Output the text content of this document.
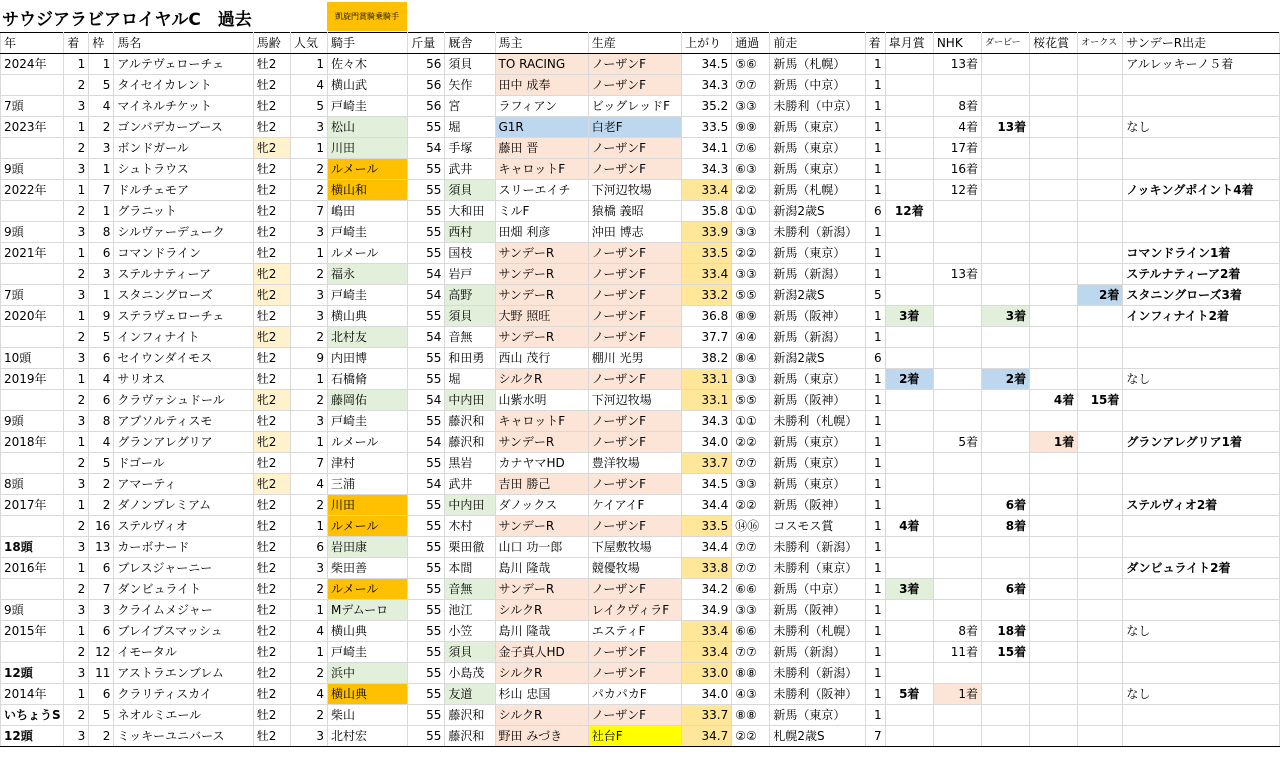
サウジアラビアロイヤルC　過去	凱旋門賞騎乗騎手
年	着	枠	馬名	馬齢	人気	騎手	斤量	厩舎	馬主	生産	上がり	通過	前走	着	皐月賞	NHK	ダービー	桜花賞	オークス	サンデーR出走
2024年	1	1	アルテヴェローチェ	牡2	1	佐々木	56	須貝	TO RACING	ノーザンF	34.5	⑤⑥	新馬（札幌）	1		13着				アルレッキーノ５着
	2	5	タイセイカレント	牡2	4	横山武	56	矢作	田中 成奉	ノーザンF	34.3	⑦⑦	新馬（中京）	1						
7頭	3	4	マイネルチケット	牡2	5	戸崎圭	56	宮	ラフィアン	ビッグレッドF	35.2	③③	未勝利（中京）	1		8着				
2023年	1	2	ゴンバデカーブース	牡2	3	松山	55	堀	G1R	白老F	33.5	⑨⑨	新馬（東京）	1		4着	13着			なし
	2	3	ボンドガール	牝2	1	川田	54	手塚	藤田 晋	ノーザンF	34.1	⑦⑥	新馬（東京）	1		17着				
9頭	3	1	シュトラウス	牡2	2	ルメール	55	武井	キャロットF	ノーザンF	34.3	⑥③	新馬（東京）	1		16着				
2022年	1	7	ドルチェモア	牡2	2	横山和	55	須貝	スリーエイチ	下河辺牧場	33.4	②②	新馬（札幌）	1		12着				ノッキングポイント4着
	2	1	グラニット	牡2	7	嶋田	55	大和田	ミルF	猿橋 義昭	35.8	①①	新潟2歳S	6	12着					
9頭	3	8	シルヴァーデューク	牡2	3	戸崎圭	55	西村	田畑 利彦	沖田 博志	33.9	③③	未勝利（新潟）	1						
2021年	1	6	コマンドライン	牡2	1	ルメール	55	国枝	サンデーR	ノーザンF	33.5	②②	新馬（東京）	1						コマンドライン1着
	2	3	ステルナティーア	牝2	2	福永	54	岩戸	サンデーR	ノーザンF	33.4	③③	新馬（新潟）	1		13着				ステルナティーア2着
7頭	3	1	スタニングローズ	牝2	3	戸崎圭	54	高野	サンデーR	ノーザンF	33.2	⑤⑤	新潟2歳S	5					2着	スタニングローズ3着
2020年	1	9	ステラヴェローチェ	牡2	3	横山典	55	須貝	大野 照旺	ノーザンF	36.8	⑧⑨	新馬（阪神）	1	3着		3着			インフィナイト2着
	2	5	インフィナイト	牝2	2	北村友	54	音無	サンデーR	ノーザンF	37.7	④④	新馬（新潟）	1						
10頭	3	6	セイウンダイモス	牡2	9	内田博	55	和田勇	西山 茂行	棚川 光男	38.2	⑧④	新潟2歳S	6						
2019年	1	4	サリオス	牡2	1	石橋脩	55	堀	シルクR	ノーザンF	33.1	③③	新馬（東京）	1	2着		2着			なし
	2	6	クラヴァシュドール	牝2	2	藤岡佑	54	中内田	山紫水明	下河辺牧場	33.1	⑤⑤	新馬（阪神）	1				4着	15着	
9頭	3	8	アブソルティスモ	牡2	3	戸崎圭	55	藤沢和	キャロットF	ノーザンF	34.3	①①	未勝利（札幌）	1						
2018年	1	4	グランアレグリア	牝2	1	ルメール	54	藤沢和	サンデーR	ノーザンF	34.0	②②	新馬（東京）	1		5着		1着		グランアレグリア1着
	2	5	ドゴール	牡2	7	津村	55	黒岩	カナヤマHD	豊洋牧場	33.7	⑦⑦	新馬（東京）	1						
8頭	3	2	アマーティ	牝2	4	三浦	54	武井	吉田 勝己	ノーザンF	34.5	③③	新馬（東京）	1						
2017年	1	2	ダノンプレミアム	牡2	2	川田	55	中内田	ダノックス	ケイアイF	34.4	②②	新馬（阪神）	1			6着			ステルヴィオ2着
	2	16	ステルヴィオ	牡2	1	ルメール	55	木村	サンデーR	ノーザンF	33.5	⑭⑯	コスモス賞	1	4着		8着			
18頭	3	13	カーボナード	牡2	6	岩田康	55	栗田徹	山口 功一郎	下屋敷牧場	34.4	⑦⑦	未勝利（新潟）	1						
2016年	1	6	ブレスジャーニー	牡2	3	柴田善	55	本間	島川 隆哉	競優牧場	33.8	⑦⑦	未勝利（東京）	1						ダンビュライト2着
	2	7	ダンビュライト	牡2	2	ルメール	55	音無	サンデーR	ノーザンF	34.2	⑥⑥	新馬（中京）	1	3着		6着			
9頭	3	3	クライムメジャー	牡2	1	Mデムーロ	55	池江	シルクR	レイクヴィラF	34.9	③③	新馬（阪神）	1						
2015年	1	6	ブレイブスマッシュ	牡2	4	横山典	55	小笠	島川 隆哉	エスティF	33.4	⑥⑥	未勝利（札幌）	1		8着	18着			なし
	2	12	イモータル	牡2	1	戸崎圭	55	須貝	金子真人HD	ノーザンF	33.4	⑦⑦	新馬（新潟）	1		11着	15着			
12頭	3	11	アストラエンブレム	牡2	2	浜中	55	小島茂	シルクR	ノーザンF	33.0	⑧⑧	未勝利（新潟）	1						
2014年	1	6	クラリティスカイ	牡2	4	横山典	55	友道	杉山 忠国	パカパカF	34.0	④③	未勝利（阪神）	1	5着	1着				なし
いちょうS	2	5	ネオルミエール	牡2	2	柴山	55	藤沢和	シルクR	ノーザンF	33.7	⑧⑧	新馬（東京）	1						
12頭	3	2	ミッキーユニバース	牡2	3	北村宏	55	藤沢和	野田 みづき	社台F	34.7	②②	札幌2歳S	7						
